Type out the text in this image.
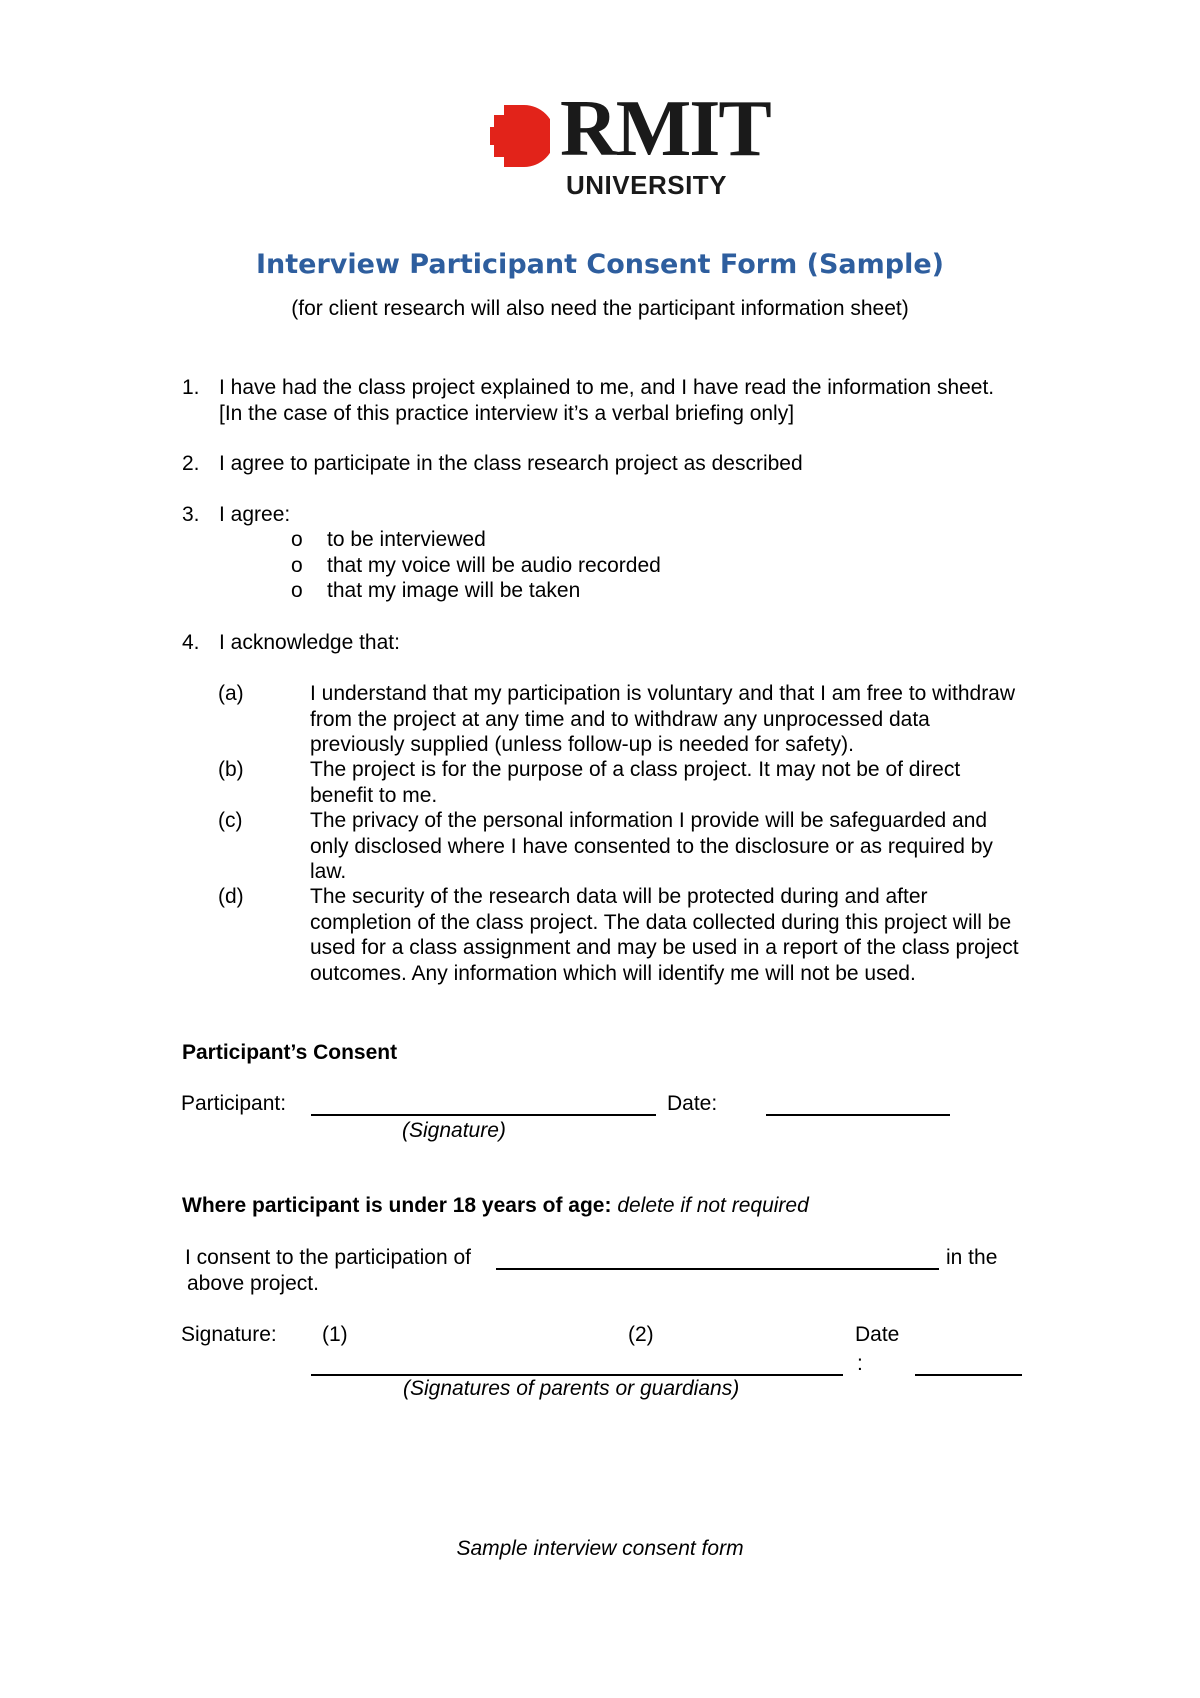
RMIT
UNIVERSITY
Interview Participant Consent Form (Sample)
(for client research will also need the participant information sheet)
1. I have had the class project explained to me, and I have read the information sheet. [In the case of this practice interview it’s a verbal briefing only]
2. I agree to participate in the class research project as described
3. I agree:
o to be interviewed
o that my voice will be audio recorded
o that my image will be taken
4. I acknowledge that:
(a)	I understand that my participation is voluntary and that I am free to withdraw from the project at any time and to withdraw any unprocessed data previously supplied (unless follow-up is needed for safety).
(b)	The project is for the purpose of a class project. It may not be of direct benefit to me.
(c)	The privacy of the personal information I provide will be safeguarded and only disclosed where I have consented to the disclosure or as required by law.
(d)	The security of the research data will be protected during and after completion of the class project. The data collected during this project will be used for a class assignment and may be used in a report of the class project outcomes. Any information which will identify me will not be used.
Participant’s Consent
Participant:	Date:
(Signature)
Where participant is under 18 years of age: delete if not required
I consent to the participation of	in the
above project.
Signature: (1)	(2)	Date
:
(Signatures of parents or guardians)
Sample interview consent form
